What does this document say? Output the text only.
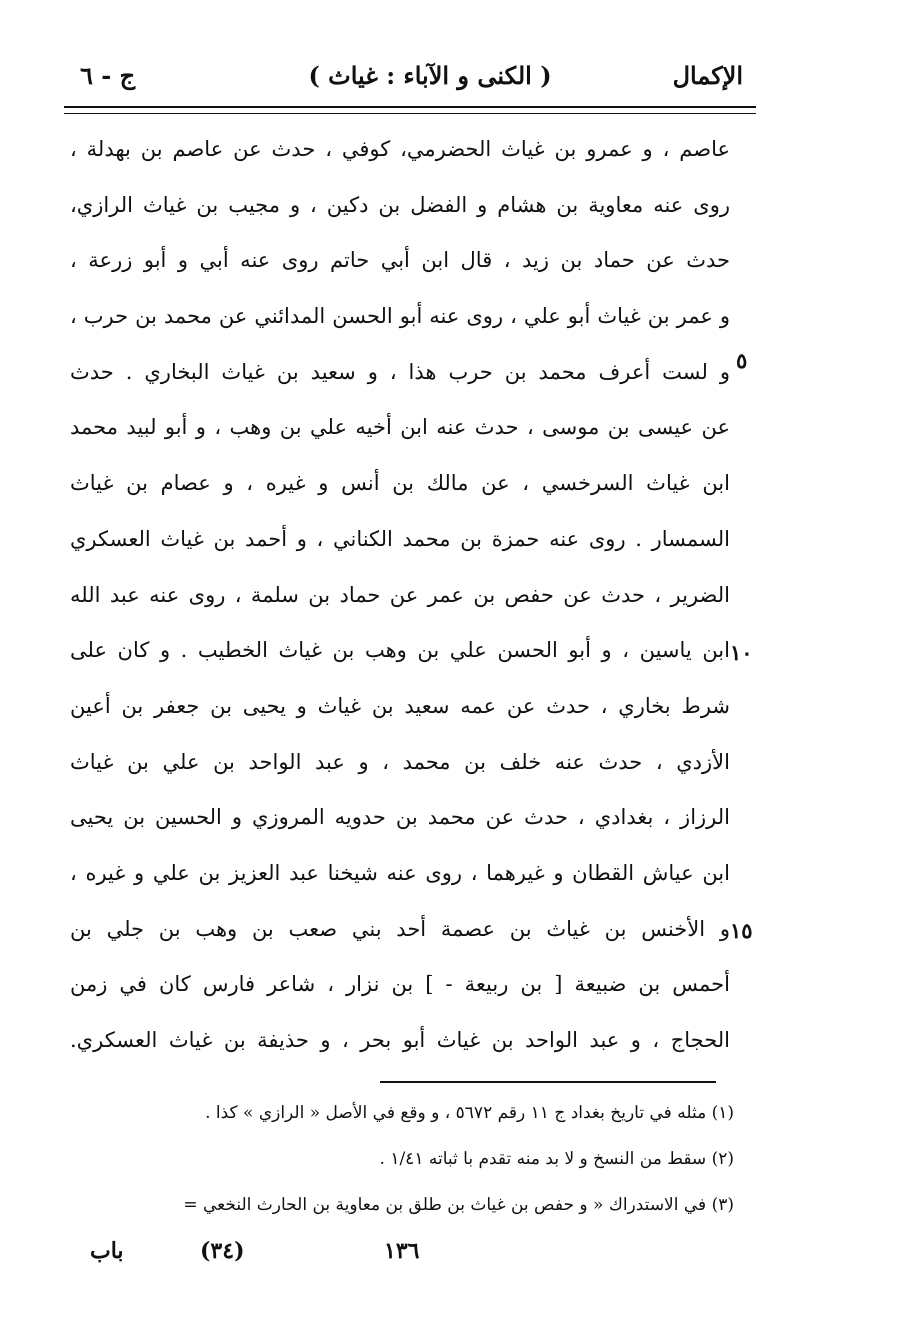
الإكمال
( الكنى و الآباء : غياث )
ج - ٦
عاصم ، و عمرو بن غياث الحضرمي، كوفي ، حدث عن عاصم بن بهدلة ،
روى عنه معاوية بن هشام و الفضل بن دكين ، و مجيب بن غياث الرازي،
حدث عن حماد بن زيد ، قال ابن أبي حاتم روى عنه أبي و أبو زرعة ،
و عمر بن غياث أبو علي ، روى عنه أبو الحسن المدائني عن محمد بن حرب ،
و لست أعرف محمد بن حرب هذا ، و سعيد بن غياث البخاري . حدث
عن عيسى بن موسى ، حدث عنه ابن أخيه علي بن وهب ، و أبو لبيد محمد
ابن غياث السرخسي ، عن مالك بن أنس و غيره ، و عصام بن غياث
السمسار . روى عنه حمزة بن محمد الكناني ، و أحمد بن غياث العسكري
الضرير ، حدث عن حفص بن عمر عن حماد بن سلمة ، روى عنه عبد الله
ابن ياسين ، و أبو الحسن علي بن وهب بن غياث الخطيب . و كان على
شرط بخاري ، حدث عن عمه سعيد بن غياث و يحيى بن جعفر بن أعين
الأزدي ، حدث عنه خلف بن محمد ، و عبد الواحد بن علي بن غياث
الرزاز ، بغدادي ، حدث عن محمد بن حدويه المروزي و الحسين بن يحيى
ابن عياش القطان و غيرهما ، روى عنه شيخنا عبد العزيز بن علي و غيره ،
و الأخنس بن غياث بن عصمة أحد بني صعب بن وهب بن جلي بن
أحمس بن ضبيعة [ بن ربيعة - ] بن نزار ، شاعر فارس كان في زمن
الحجاج ، و عبد الواحد بن غياث أبو بحر ، و حذيفة بن غياث العسكري.
٥
١٠
١٥
(١) مثله في تاريخ بغداد ج ١١ رقم ٥٦٧٢ ، و وقع في الأصل « الرازي » كذا .
(٢) سقط من النسخ و لا بد منه تقدم با ثباته ١/٤١ .
(٣) في الاستدراك « و حفص بن غياث بن طلق بن معاوية بن الحارث النخعي =
١٣٦
(٣٤)
باب
